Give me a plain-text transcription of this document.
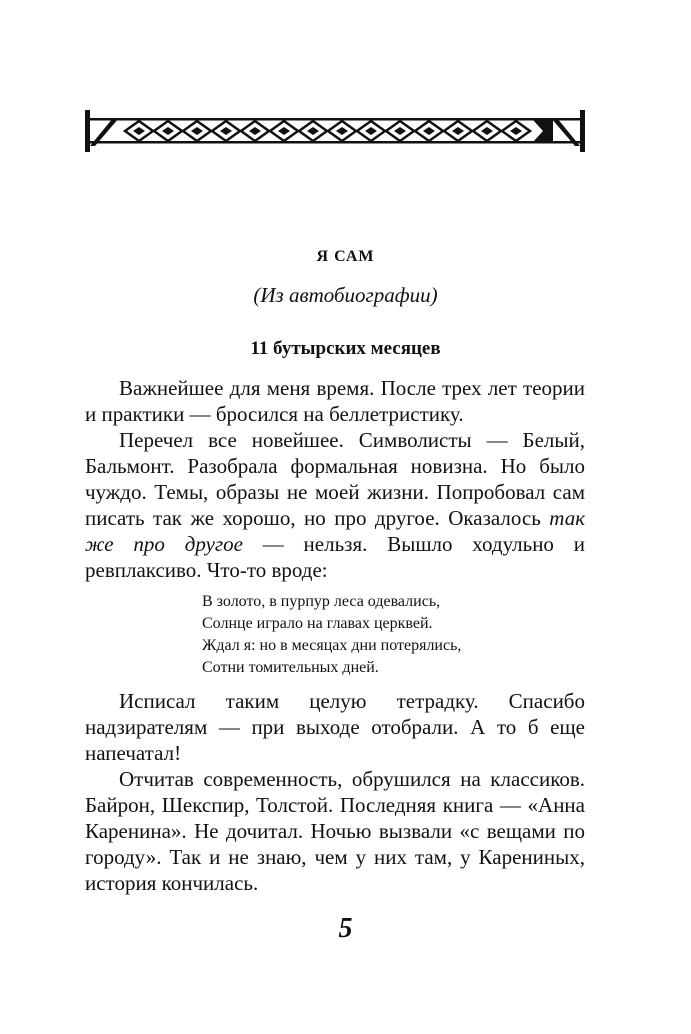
Я САМ
(Из автобиографии)
11 бутырских месяцев

Важнейшее для меня время. После трех лет теории и практики — бросился на беллетристику.

Перечел все новейшее. Символисты — Белый, Бальмонт. Разобрала формальная новизна. Но было чуждо. Темы, образы не моей жизни. Попробовал сам писать так же хорошо, но про другое. Оказалось так же про другое — нельзя. Вышло ходульно и ревплаксиво. Что-то вроде:

В золото, в пурпур леса одевались,
Солнце играло на главах церквей.
Ждал я: но в месяцах дни потерялись,
Сотни томительных дней.

Исписал таким целую тетрадку. Спасибо надзирателям — при выходе отобрали. А то б еще напечатал!

Отчитав современность, обрушился на классиков. Байрон, Шекспир, Толстой. Последняя книга — «Анна Каренина». Не дочитал. Ночью вызвали «с вещами по городу». Так и не знаю, чем у них там, у Карениных, история кончилась.

5
